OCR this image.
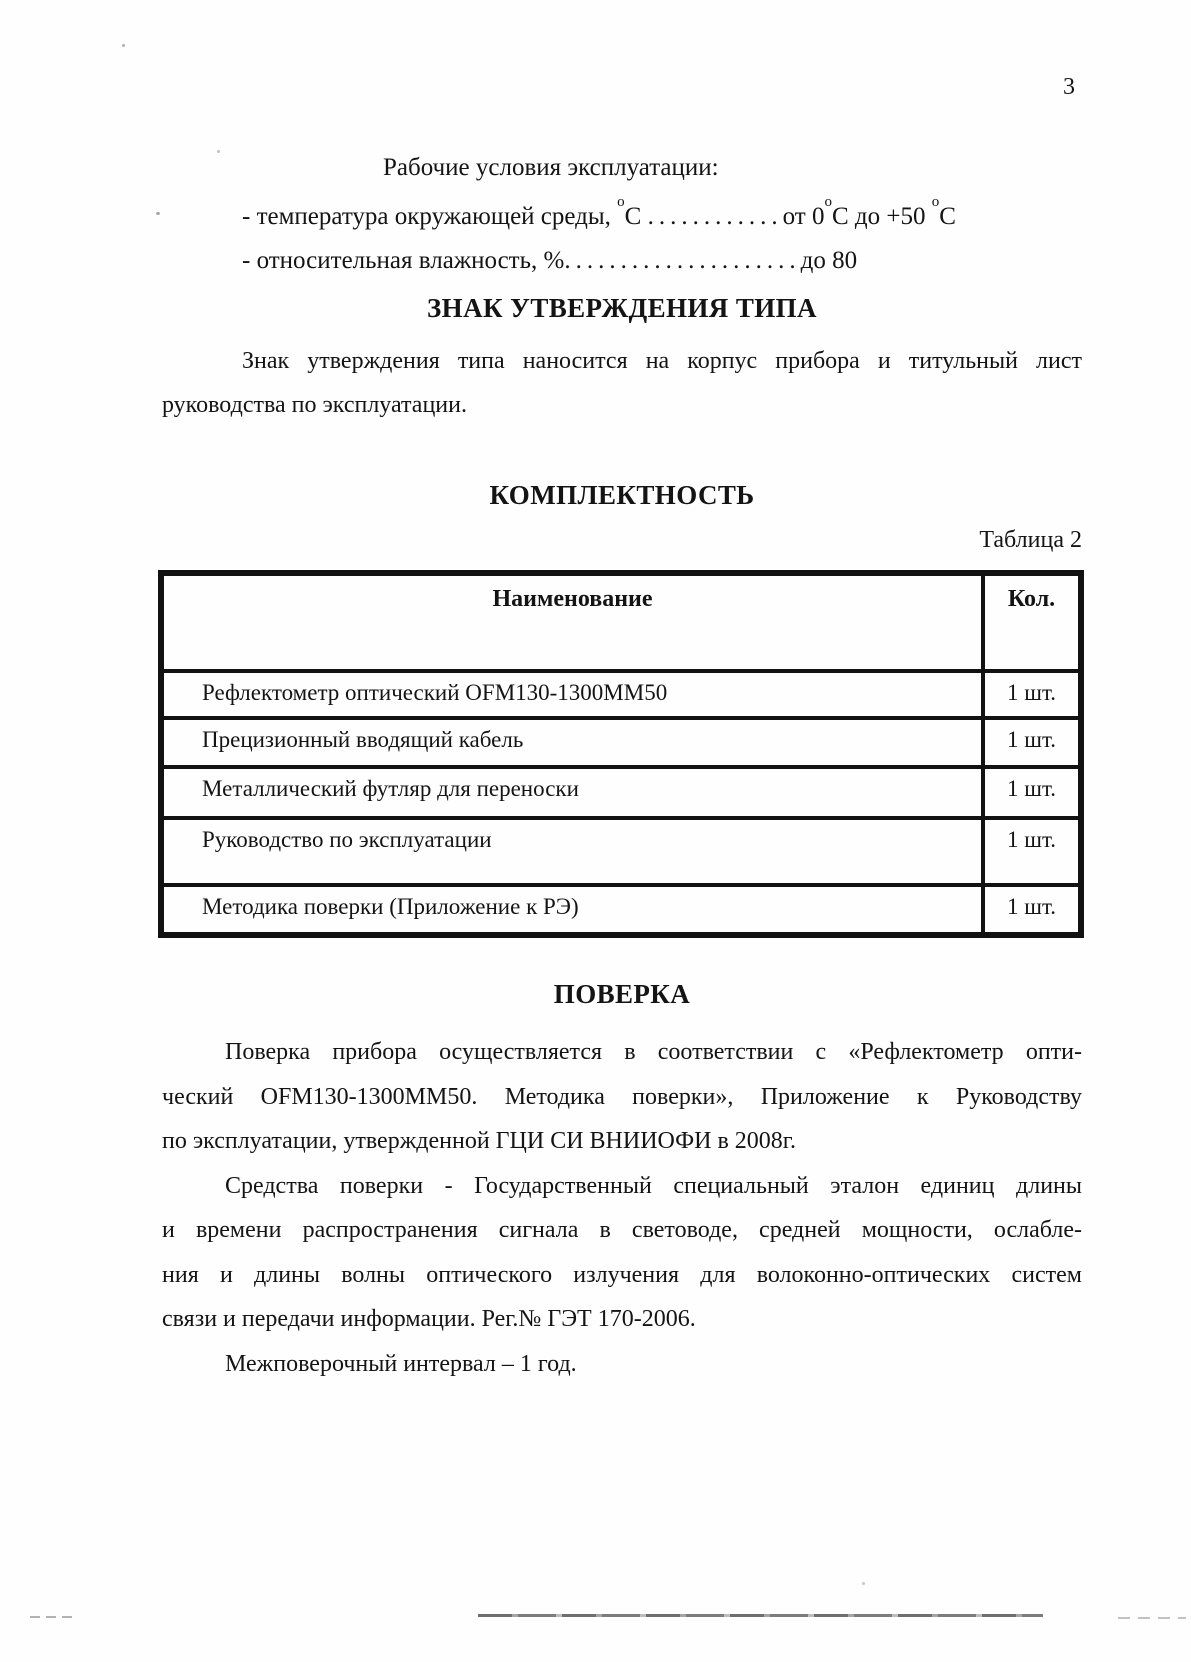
3
Рабочие условия эксплуатации:
- температура окружающей среды, $^о$С ............от $0^оС$ до +50 $^о$С
- относительная влажность, %.....................до 80
ЗНАК УТВЕРЖДЕНИЯ ТИПА
Знак утверждения типа наносится на корпус прибора и титульный лист
руководства по эксплуатации.
КОМПЛЕКТНОСТЬ
Таблица 2
Наименование	Кол.
Рефлектометр оптический OFM130-1300MM50	1 шт.
Прецизионный вводящий кабель	1 шт.
Металлический футляр для переноски	1 шт.
Руководство по эксплуатации	1 шт.
Методика поверки (Приложение к РЭ)	1 шт.
ПОВЕРКА
Поверка прибора осуществляется в соответствии с «Рефлектометр опти-
ческий OFM130-1300MM50. Методика поверки», Приложение к Руководству
по эксплуатации, утвержденной ГЦИ СИ ВНИИОФИ в 2008г.
Средства поверки - Государственный специальный эталон единиц длины
и времени распространения сигнала в световоде, средней мощности, ослабле-
ния и длины волны оптического излучения для волоконно-оптических систем
связи и передачи информации. Рег.№ ГЭТ 170-2006.
Межповерочный интервал – 1 год.
